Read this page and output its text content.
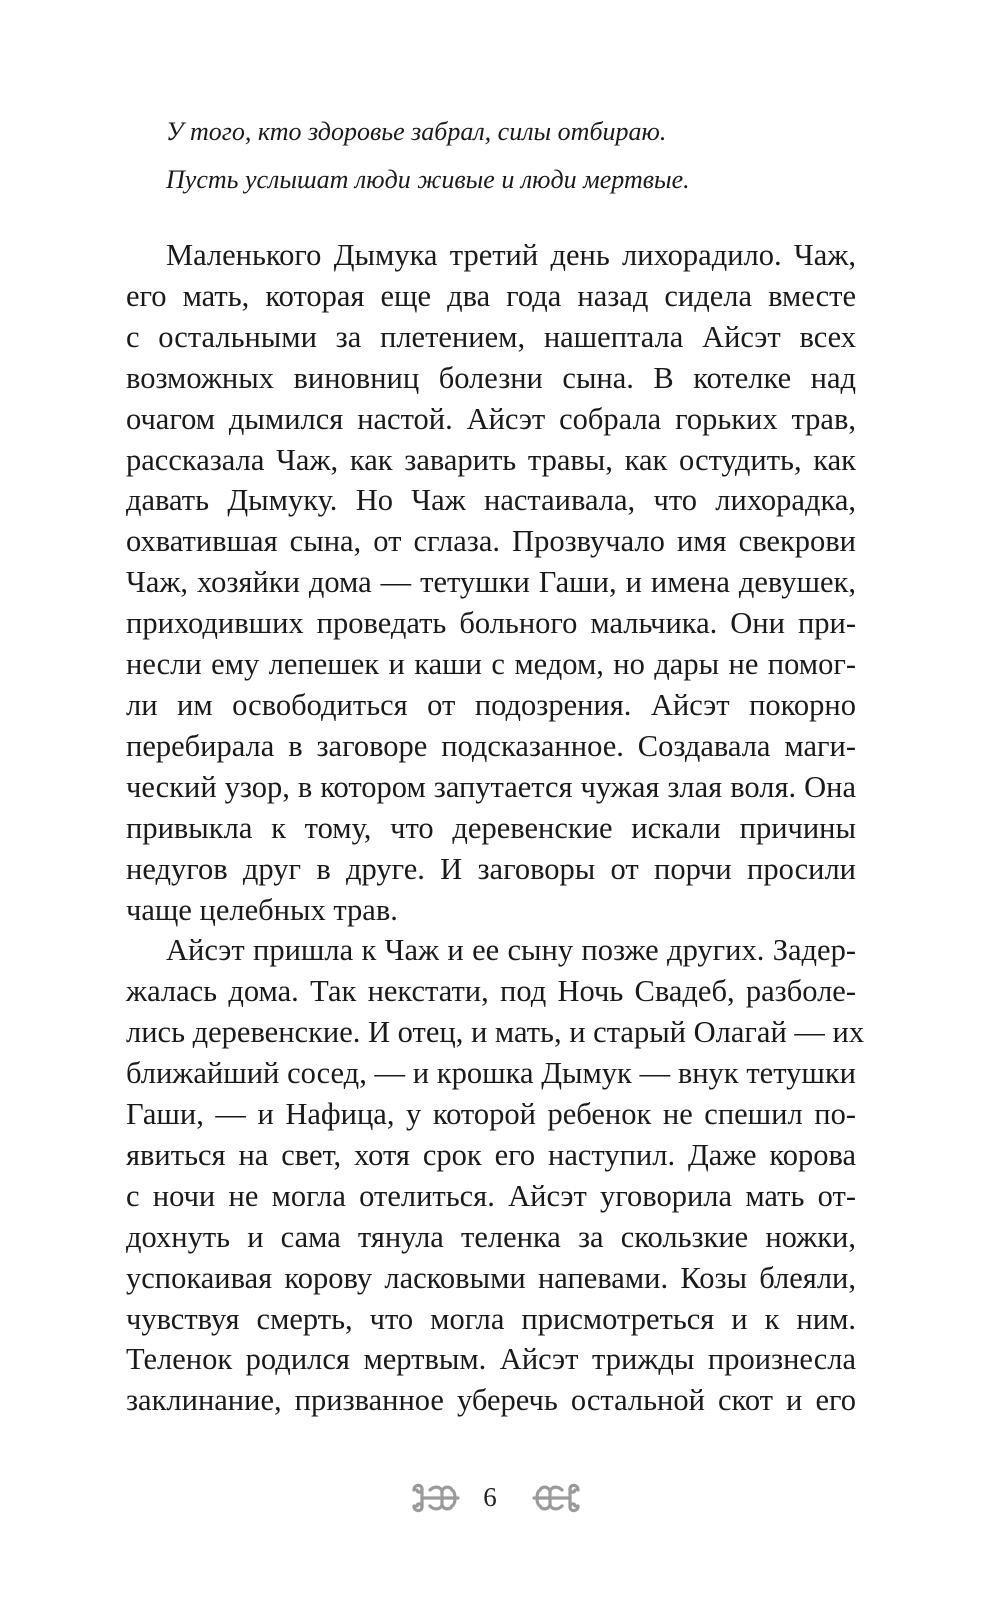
У того, кто здоровье забрал, силы отбираю.
Пусть услышат люди живые и люди мертвые.

Маленького Дымука третий день лихорадило. Чаж,
его мать, которая еще два года назад сидела вместе
с остальными за плетением, нашептала Айсэт всех
возможных виновниц болезни сына. В котелке над
очагом дымился настой. Айсэт собрала горьких трав,
рассказала Чаж, как заварить травы, как остудить, как
давать Дымуку. Но Чаж настаивала, что лихорадка,
охватившая сына, от сглаза. Прозвучало имя свекрови
Чаж, хозяйки дома — тетушки Гаши, и имена девушек,
приходивших проведать больного мальчика. Они при-
несли ему лепешек и каши с медом, но дары не помог-
ли им освободиться от подозрения. Айсэт покорно
перебирала в заговоре подсказанное. Создавала маги-
ческий узор, в котором запутается чужая злая воля. Она
привыкла к тому, что деревенские искали причины
недугов друг в друге. И заговоры от порчи просили
чаще целебных трав.

Айсэт пришла к Чаж и ее сыну позже других. Задер-
жалась дома. Так некстати, под Ночь Свадеб, разболе-
лись деревенские. И отец, и мать, и старый Олагай — их
ближайший сосед, — и крошка Дымук — внук тетушки
Гаши, — и Нафица, у которой ребенок не спешил по-
явиться на свет, хотя срок его наступил. Даже корова
с ночи не могла отелиться. Айсэт уговорила мать от-
дохнуть и сама тянула теленка за скользкие ножки,
успокаивая корову ласковыми напевами. Козы блеяли,
чувствуя смерть, что могла присмотреться и к ним.
Теленок родился мертвым. Айсэт трижды произнесла
заклинание, призванное уберечь остальной скот и его

6
